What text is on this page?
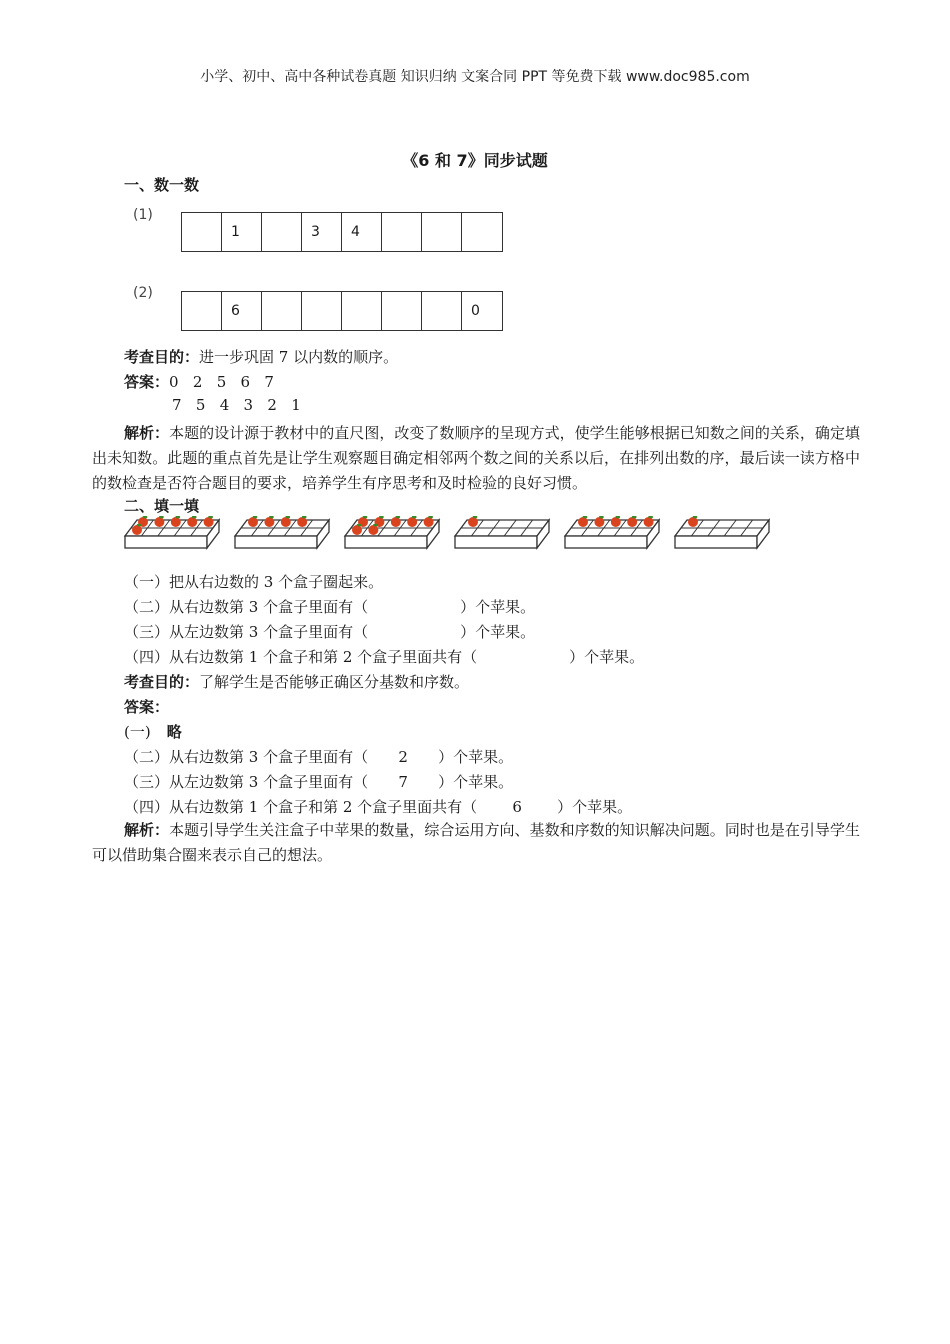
小学、初中、高中各种试卷真题 知识归纳 文案合同 PPT 等免费下载 www.doc985.com
《6 和 7》同步试题
一、数一数
(1)
1	3	4
(2)
6	0
考查目的：进一步巩固 7 以内数的顺序。
答案：0   2   5   6   7
7   5   4   3   2   1
解析：本题的设计源于教材中的直尺图，改变了数顺序的呈现方式，使学生能够根据已知数之间的关系，确定填出未知数。此题的重点首先是让学生观察题目确定相邻两个数之间的关系以后，在排列出数的序，最后读一读方格中的数检查是否符合题目的要求，培养学生有序思考和及时检验的良好习惯。
二、填一填
（一）把从右边数的 3 个盒子圈起来。
（二）从右边数第 3 个盒子里面有（	）个苹果。
（三）从左边数第 3 个盒子里面有（	）个苹果。
（四）从右边数第 1 个盒子和第 2 个盒子里面共有（	）个苹果。
考查目的：了解学生是否能够正确区分基数和序数。
答案：
(一) 略
（二）从右边数第 3 个盒子里面有（ 2 ）个苹果。
（三）从左边数第 3 个盒子里面有（ 7 ）个苹果。
（四）从右边数第 1 个盒子和第 2 个盒子里面共有（ 6 ）个苹果。
解析：本题引导学生关注盒子中苹果的数量，综合运用方向、基数和序数的知识解决问题。同时也是在引导学生可以借助集合圈来表示自己的想法。
